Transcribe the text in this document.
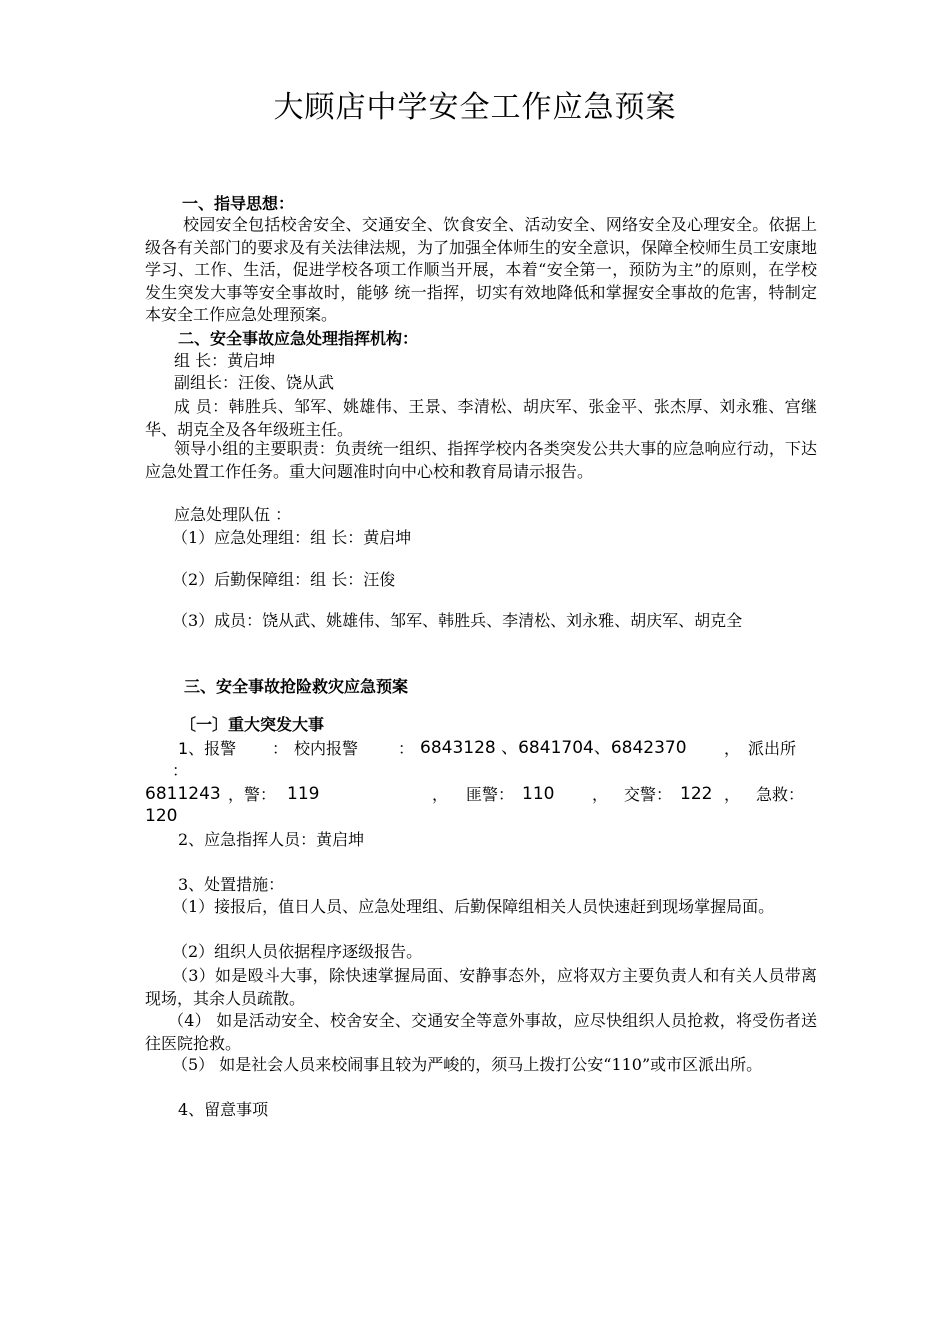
大顾店中学安全工作应急预案
一、指导思想：
校园安全包括校舍安全、交通安全、饮食安全、活动安全、网络安全及心理安全。依据上级各有关部门的要求及有关法律法规，为了加强全体师生的安全意识，保障全校师生员工安康地学习、工作、生活，促进学校各项工作顺当开展，本着“安全第一，预防为主”的原则，在学校发生突发大事等安全事故时，能够 统一指挥，切实有效地降低和掌握安全事故的危害，特制定本安全工作应急处理预案。
二、安全事故应急处理指挥机构：
组 长：黄启坤
副组长：汪俊、饶从武
成 员：韩胜兵、邹军、姚雄伟、王景、李清松、胡庆军、张金平、张杰厚、刘永雅、宫继华、胡克全及各年级班主任。
领导小组的主要职责：负责统一组织、指挥学校内各类突发公共大事的应急响应行动，下达应急处置工作任务。重大问题准时向中心校和教育局请示报告。
应急处理队伍 ：
（1）应急处理组：组 长：黄启坤
（2）后勤保障组：组 长：汪俊
（3）成员：饶从武、姚雄伟、邹军、韩胜兵、李清松、刘永雅、胡庆军、胡克全
三、安全事故抢险救灾应急预案
〔一〕重大突发大事
1、报警 ： 校内报警 ： 6843128 、6841704、6842370 ， 派出所
：
6811243 ，警： 119	， 匪警： 110 ， 交警： 122 ， 急救：
120
2、应急指挥人员：黄启坤
3、处置措施：
（1）接报后，值日人员、应急处理组、后勤保障组相关人员快速赶到现场掌握局面。
（2）组织人员依据程序逐级报告。
（3）如是殴斗大事，除快速掌握局面、安静事态外，应将双方主要负责人和有关人员带离现场，其余人员疏散。
（4） 如是活动安全、校舍安全、交通安全等意外事故，应尽快组织人员抢救，将受伤者送往医院抢救。
（5） 如是社会人员来校闹事且较为严峻的，须马上拨打公安“110”或市区派出所。
4、留意事项
